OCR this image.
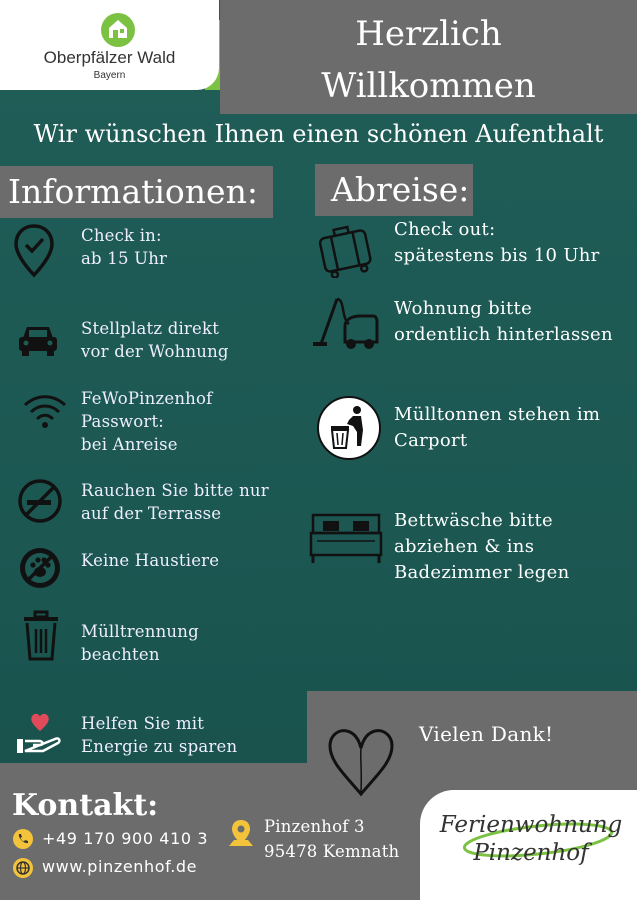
Oberpfälzer Wald
Bayern
Herzlich
Willkommen
Wir wünschen Ihnen einen schönen Aufenthalt
Informationen:	Abreise:
Check in:
ab 15 Uhr
Stellplatz direkt
vor der Wohnung
FeWoPinzenhof
Passwort:
bei Anreise
Rauchen Sie bitte nur
auf der Terrasse
Keine Haustiere
Mülltrennung
beachten
Helfen Sie mit
Energie zu sparen
Check out:
spätestens bis 10 Uhr
Wohnung bitte
ordentlich hinterlassen
Mülltonnen stehen im
Carport
Bettwäsche bitte
abziehen & ins
Badezimmer legen
Vielen Dank!
Kontakt:
+49 170 900 410 3
www.pinzenhof.de
Pinzenhof 3
95478 Kemnath
Ferienwohnung
Pinzenhof
